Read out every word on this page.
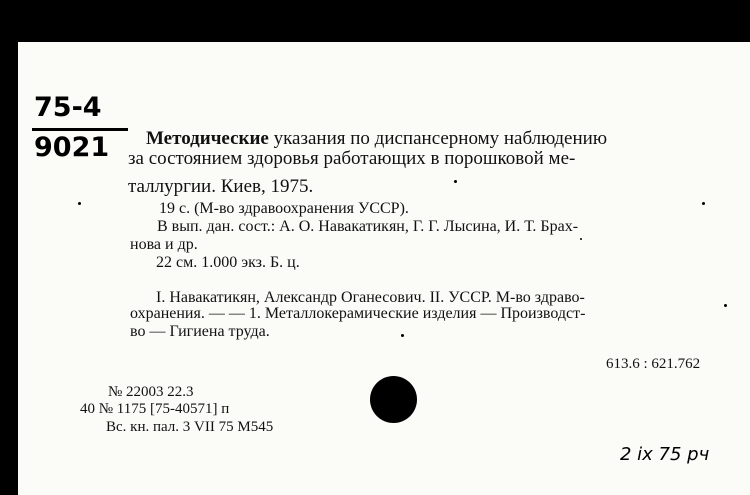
75-4
9021 Методические указания по диспансерному наблюдению
за состоянием здоровья работающих в порошковой ме-
таллургии. Киев, 1975.
19 с. (М-во здравоохранения УССР).
В вып. дан. сост.: А. О. Навакатикян, Г. Г. Лысина, И. Т. Брах-
нова и др.
22 см. 1.000 экз. Б. ц.
I. Навакатикян, Александр Оганесович. II. УССР. М-во здраво-
охранения. — — 1. Металлокерамические изделия — Производст-
во — Гигиена труда.
613.6 : 621.762
№ 22003 22.3
40 № 1175 [75-40571] п
Вс. кн. пал. 3 VII 75 М545
2 ix 75 pч
